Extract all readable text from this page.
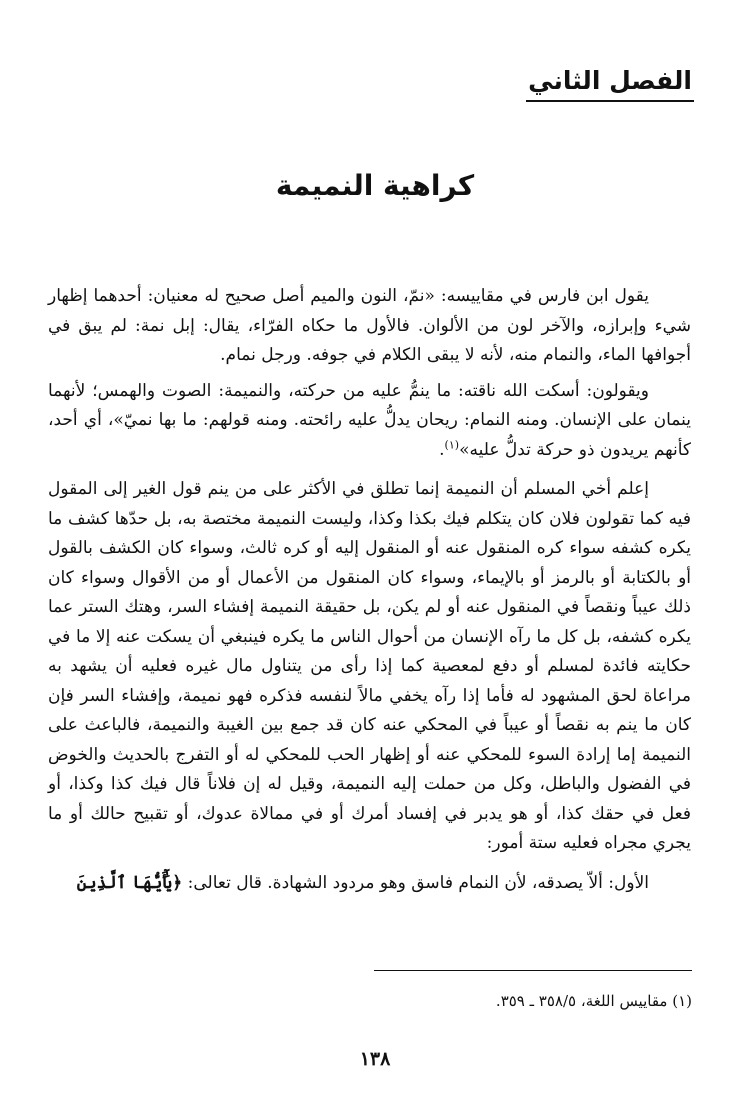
الفصل الثاني
كراهية النميمة

يقول ابن فارس في مقاييسه: «نمّ، النون والميم أصل صحيح له معنيان: أحدهما إظهار شيء وإبرازه، والآخر لون من الألوان. فالأول ما حكاه الفرّاء، يقال: إبل نمة: لم يبق في أجوافها الماء، والنمام منه، لأنه لا يبقى الكلام في جوفه. ورجل نمام.

ويقولون: أسكت الله ناقته: ما ينمُّ عليه من حركته، والنميمة: الصوت والهمس؛ لأنهما ينمان على الإنسان. ومنه النمام: ريحان يدلُّ عليه رائحته. ومنه قولهم: ما بها نميّ»، أي أحد، كأنهم يريدون ذو حركة تدلُّ عليه»$^{(١)}$.

إعلم أخي المسلم أن النميمة إنما تطلق في الأكثر على من ينم قول الغير إلى المقول فيه كما تقولون فلان كان يتكلم فيك بكذا وكذا، وليست النميمة مختصة به، بل حدّها كشف ما يكره كشفه سواء كره المنقول عنه أو المنقول إليه أو كره ثالث، وسواء كان الكشف بالقول أو بالكتابة أو بالرمز أو بالإيماء، وسواء كان المنقول من الأعمال أو من الأقوال وسواء كان ذلك عيباً ونقصاً في المنقول عنه أو لم يكن، بل حقيقة النميمة إفشاء السر، وهتك الستر عما يكره كشفه، بل كل ما رآه الإنسان من أحوال الناس ما يكره فينبغي أن يسكت عنه إلا ما في حكايته فائدة لمسلم أو دفع لمعصية كما إذا رأى من يتناول مال غيره فعليه أن يشهد به مراعاة لحق المشهود له فأما إذا رآه يخفي مالاً لنفسه فذكره فهو نميمة، وإفشاء السر فإن كان ما ينم به نقصاً أو عيباً في المحكي عنه كان قد جمع بين الغيبة والنميمة، فالباعث على النميمة إما إرادة السوء للمحكي عنه أو إظهار الحب للمحكي له أو التفرج بالحديث والخوض في الفضول والباطل، وكل من حملت إليه النميمة، وقيل له إن فلاناً قال فيك كذا وكذا، أو فعل في حقك كذا، أو هو يدبر في إفساد أمرك أو في ممالاة عدوك، أو تقبيح حالك أو ما يجري مجراه فعليه ستة أمور:

الأول: ألاّ يصدقه، لأن النمام فاسق وهو مردود الشهادة. قال تعالى: ﴿يَٰٓأَيُّهَا ٱلَّذِينَ

(١) مقاييس اللغة، ٣٥٨/٥ ـ ٣٥٩.
١٣٨
